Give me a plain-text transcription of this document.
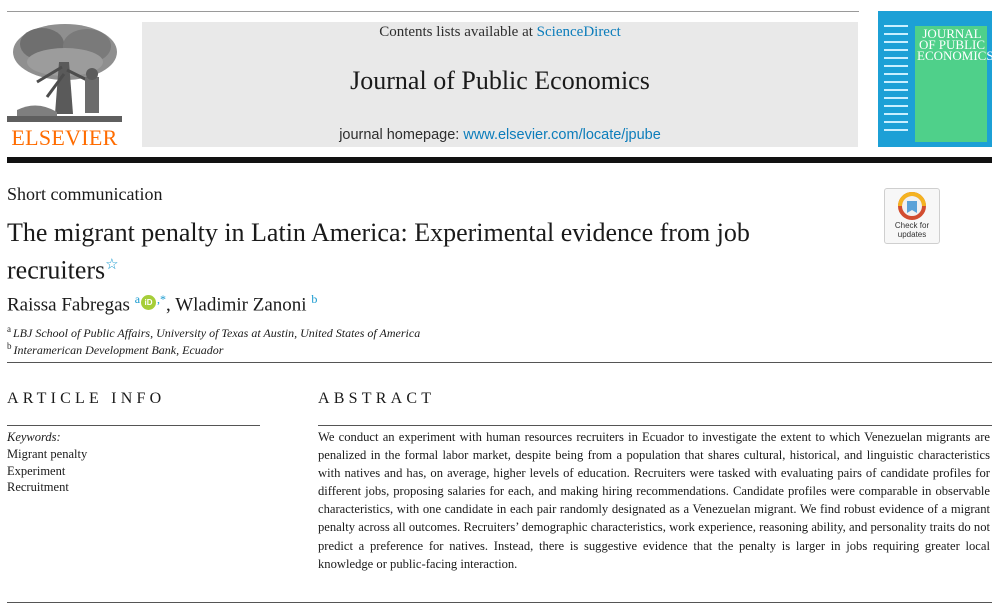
ELSEVIER
Contents lists available at ScienceDirect
Journal of Public Economics
journal homepage: www.elsevier.com/locate/jpube
JOURNAL OF PUBLIC ECONOMICS
Short communication
Check for
updates
The migrant penalty in Latin America: Experimental evidence from job recruiters☆
Raissa Fabregas $^a$ iD ,*, Wladimir Zanoni $^b$
$^a$ LBJ School of Public Affairs, University of Texas at Austin, United States of America
$^b$ Interamerican Development Bank, Ecuador
ARTICLE INFO
Keywords:
Migrant penalty
Experiment
Recruitment
ABSTRACT
We conduct an experiment with human resources recruiters in Ecuador to investigate the extent to which Venezuelan migrants are penalized in the formal labor market, despite being from a population that shares cultural, historical, and linguistic characteristics with natives and has, on average, higher levels of education. Recruiters were tasked with evaluating pairs of candidate profiles for different jobs, proposing salaries for each, and making hiring recommendations. Candidate profiles were comparable in observable characteristics, with one candidate in each pair randomly designated as a Venezuelan migrant. We find robust evidence of a migrant penalty across all outcomes. Recruiters’ demographic characteristics, work experience, reasoning ability, and personality traits do not predict a preference for natives. Instead, there is suggestive evidence that the penalty is larger in jobs requiring greater local knowledge or public-facing interaction.
